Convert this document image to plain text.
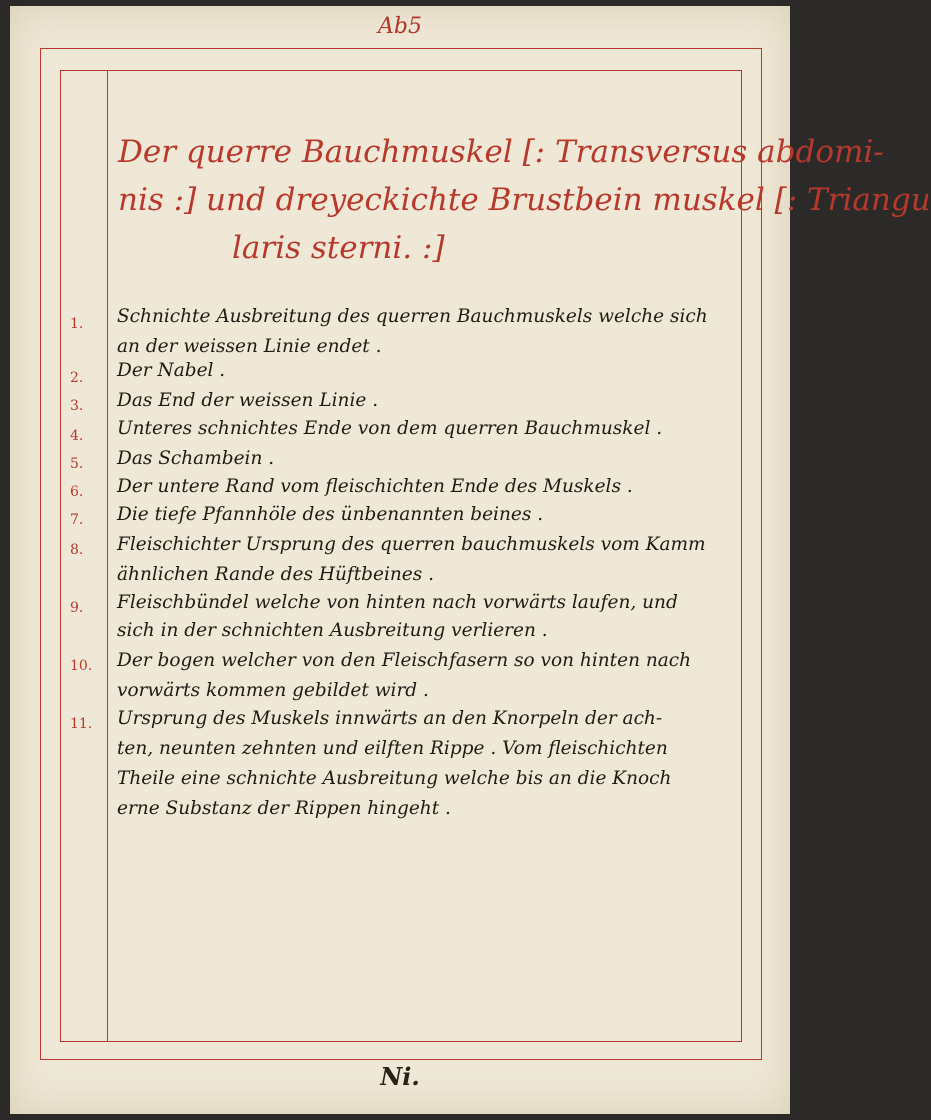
Ab5
Der querre Bauchmuskel [: Transversus abdomi-
nis :] und dreyeckichte Brustbein muskel [: Triangu
laris sterni. :]
1.	Schnichte Ausbreitung des querren Bauchmuskels welche sich
an der weissen Linie endet .
2.	Der Nabel .
3.	Das End der weissen Linie .
4.	Unteres schnichtes Ende von dem querren Bauchmuskel .
5.	Das Schambein .
6.	Der untere Rand vom fleischichten Ende des Muskels .
7.	Die tiefe Pfannhöle des ünbenannten beines .
8.	Fleischichter Ursprung des querren bauchmuskels vom Kamm
ähnlichen Rande des Hüftbeines .
9.	Fleischbündel welche von hinten nach vorwärts laufen, und
sich in der schnichten Ausbreitung verlieren .
10.	Der bogen welcher von den Fleischfasern so von hinten nach
vorwärts kommen gebildet wird .
11.	Ursprung des Muskels innwärts an den Knorpeln der ach-
ten, neunten zehnten und eilften Rippe . Vom fleischichten
Theile eine schnichte Ausbreitung welche bis an die Knoch
erne Substanz der Rippen hingeht .
Ni.
